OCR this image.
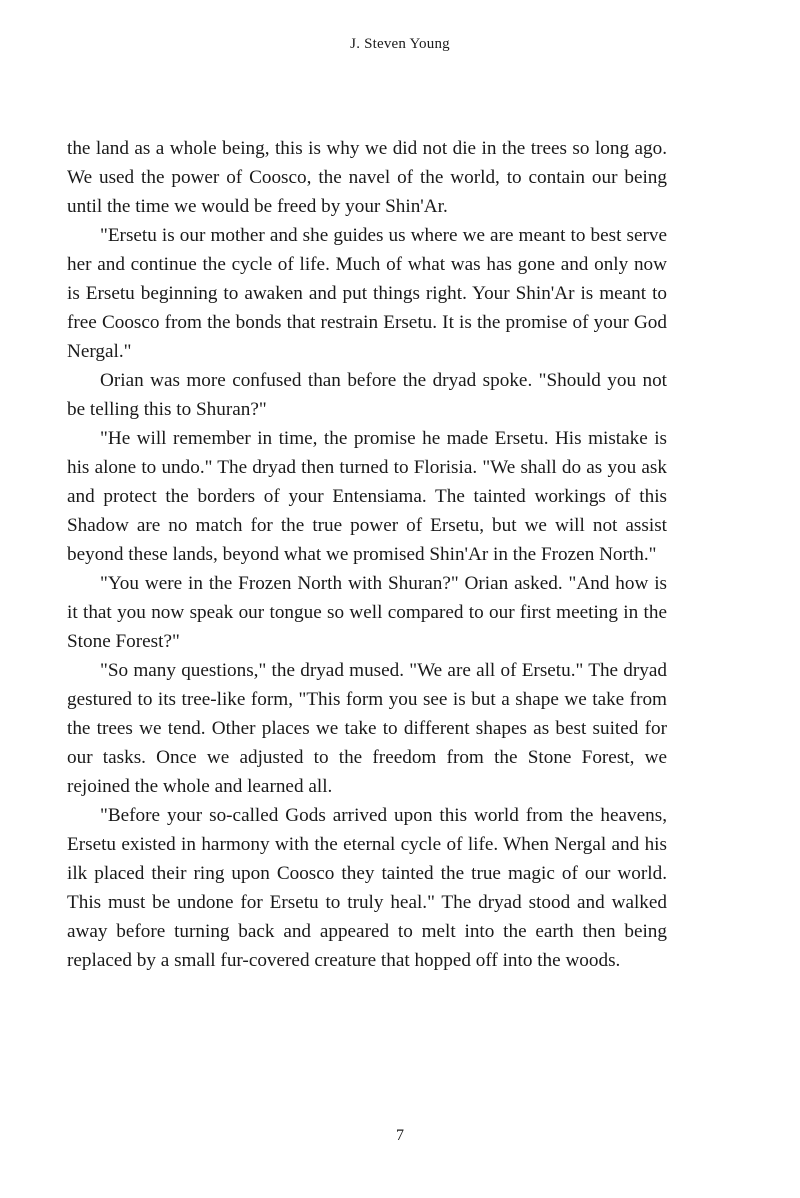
J. Steven Young

the land as a whole being, this is why we did not die in the trees so long ago. We used the power of Coosco, the navel of the world, to contain our being until the time we would be freed by your Shin'Ar.

"Ersetu is our mother and she guides us where we are meant to best serve her and continue the cycle of life. Much of what was has gone and only now is Ersetu beginning to awaken and put things right. Your Shin'Ar is meant to free Coosco from the bonds that restrain Ersetu. It is the promise of your God Nergal."

Orian was more confused than before the dryad spoke. "Should you not be telling this to Shuran?"

"He will remember in time, the promise he made Ersetu. His mistake is his alone to undo." The dryad then turned to Florisia. "We shall do as you ask and protect the borders of your Entensiama. The tainted workings of this Shadow are no match for the true power of Ersetu, but we will not assist beyond these lands, beyond what we promised Shin'Ar in the Frozen North."

"You were in the Frozen North with Shuran?" Orian asked. "And how is it that you now speak our tongue so well compared to our first meeting in the Stone Forest?"

"So many questions," the dryad mused. "We are all of Ersetu." The dryad gestured to its tree-like form, "This form you see is but a shape we take from the trees we tend. Other places we take to different shapes as best suited for our tasks. Once we adjusted to the freedom from the Stone Forest, we rejoined the whole and learned all.

"Before your so-called Gods arrived upon this world from the heavens, Ersetu existed in harmony with the eternal cycle of life. When Nergal and his ilk placed their ring upon Coosco they tainted the true magic of our world. This must be undone for Ersetu to truly heal." The dryad stood and walked away before turning back and appeared to melt into the earth then being replaced by a small fur-covered creature that hopped off into the woods.

7
